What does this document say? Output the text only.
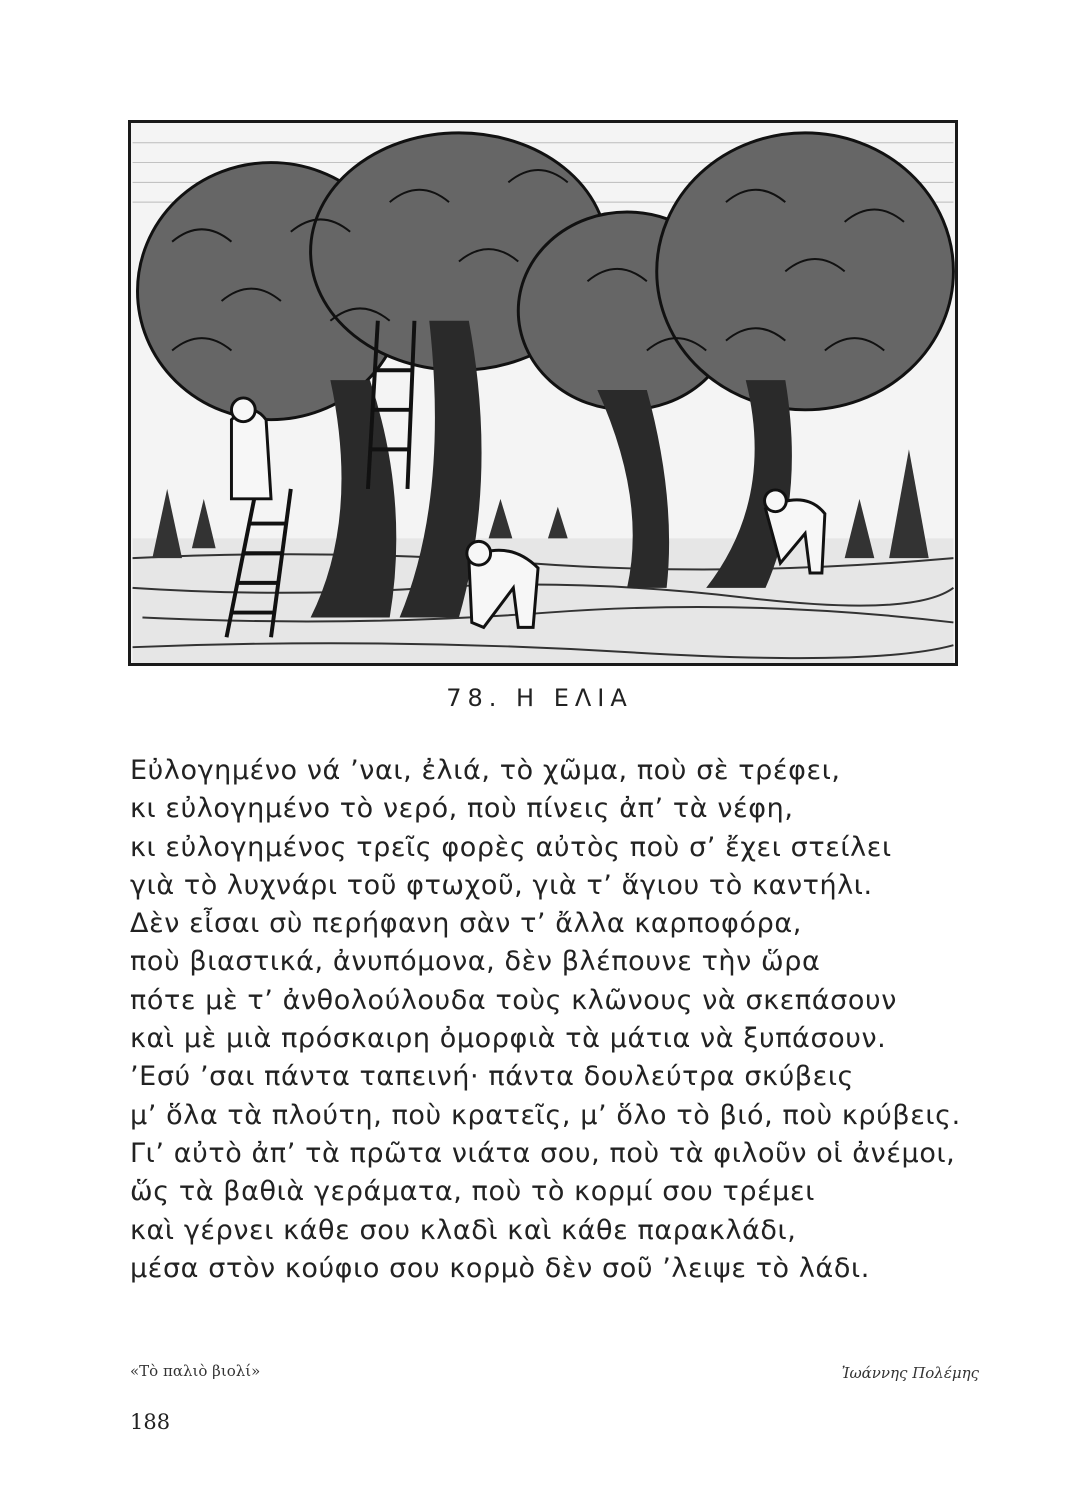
78. Η ΕΛΙΑ
Εὐλογημένο νά ’ναι, ἐλιά, τὸ χῶμα, ποὺ σὲ τρέφει,
κι εὐλογημένο τὸ νερό, ποὺ πίνεις ἀπ’ τὰ νέφη,
κι εὐλογημένος τρεῖς φορὲς αὐτὸς ποὺ σ’ ἔχει στείλει
γιὰ τὸ λυχνάρι τοῦ φτωχοῦ, γιὰ τ’ ἅγιου τὸ καντήλι.
Δὲν εἶσαι σὺ περήφανη σὰν τ’ ἄλλα καρποφόρα,
ποὺ βιαστικά, ἀνυπόμονα, δὲν βλέπουνε τὴν ὥρα
πότε μὲ τ’ ἀνθολούλουδα τοὺς κλῶνους νὰ σκεπάσουν
καὶ μὲ μιὰ πρόσκαιρη ὀμορφιὰ τὰ μάτια νὰ ξυπάσουν.
’Εσύ ’σαι πάντα ταπεινή· πάντα δουλεύτρα σκύβεις
μ’ ὅλα τὰ πλούτη, ποὺ κρατεῖς, μ’ ὅλο τὸ βιό, ποὺ κρύβεις.
Γι’ αὐτὸ ἀπ’ τὰ πρῶτα νιάτα σου, ποὺ τὰ φιλοῦν οἱ ἀνέμοι,
ὥς τὰ βαθιὰ γεράματα, ποὺ τὸ κορμί σου τρέμει
καὶ γέρνει κάθε σου κλαδὶ καὶ κάθε παρακλάδι,
μέσα στὸν κούφιο σου κορμὸ δὲν σοῦ ’λειψε τὸ λάδι.
«Τὸ παλιὸ βιολί»	Ἰωάννης Πολέμης
188
